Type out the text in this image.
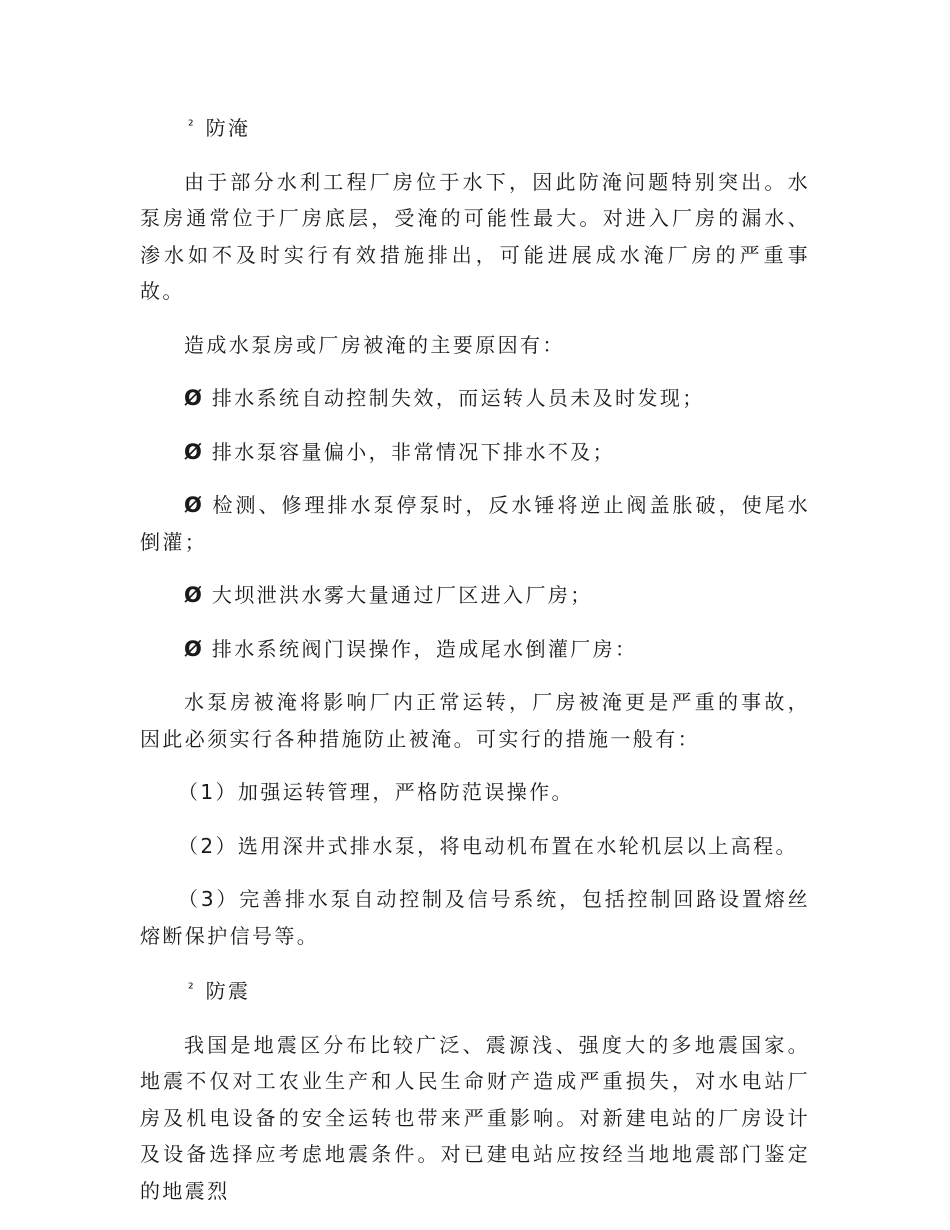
$^{^2}$ 防淹

由于部分水利工程厂房位于水下，因此防淹问题特别突出。水泵房通常位于厂房底层，受淹的可能性最大。对进入厂房的漏水、渗水如不及时实行有效措施排出，可能进展成水淹厂房的严重事故。

造成水泵房或厂房被淹的主要原因有：

Ø 排水系统自动控制失效，而运转人员未及时发现；

Ø 排水泵容量偏小，非常情况下排水不及；

Ø 检测、修理排水泵停泵时，反水锤将逆止阀盖胀破，使尾水倒灌；

Ø 大坝泄洪水雾大量通过厂区进入厂房；

Ø 排水系统阀门误操作，造成尾水倒灌厂房：

水泵房被淹将影响厂内正常运转，厂房被淹更是严重的事故，因此必须实行各种措施防止被淹。可实行的措施一般有：

（1）加强运转管理，严格防范误操作。

（2）选用深井式排水泵，将电动机布置在水轮机层以上高程。

（3）完善排水泵自动控制及信号系统，包括控制回路设置熔丝熔断保护信号等。

$^{^2}$ 防震

我国是地震区分布比较广泛、震源浅、强度大的多地震国家。地震不仅对工农业生产和人民生命财产造成严重损失，对水电站厂房及机电设备的安全运转也带来严重影响。对新建电站的厂房设计及设备选择应考虑地震条件。对已建电站应按经当地地震部门鉴定的地震烈
